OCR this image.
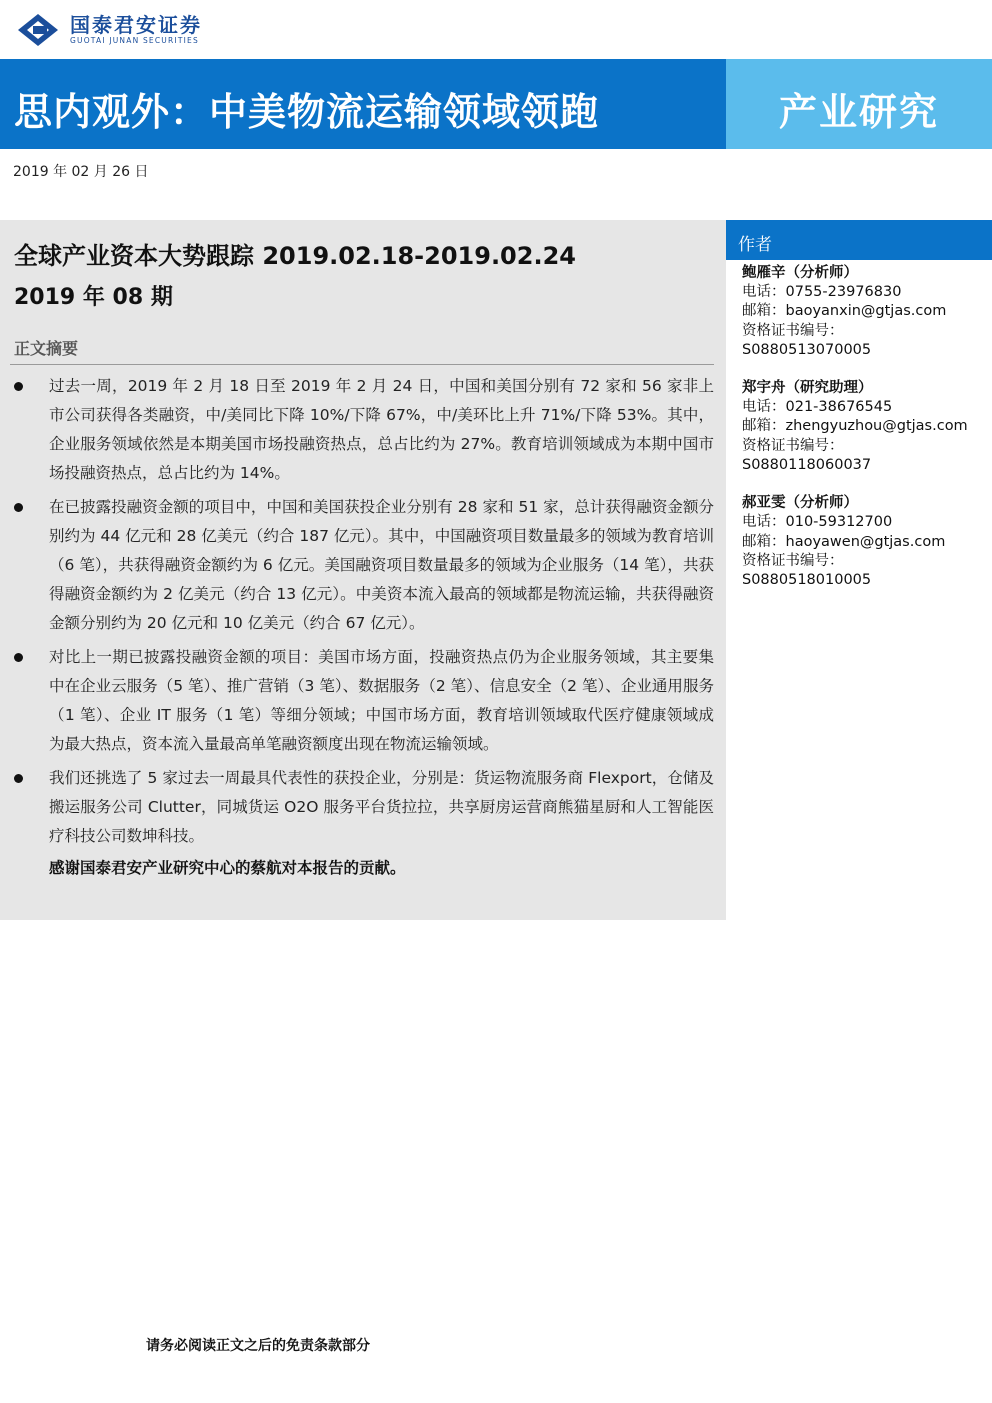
国泰君安证券
GUOTAI JUNAN SECURITIES
思内观外：中美物流运输领域领跑	产业研究
2019 年 02 月 26 日
全球产业资本大势跟踪 2019.02.18-2019.02.24
2019 年 08 期
正文摘要
过去一周，2019 年 2 月 18 日至 2019 年 2 月 24 日，中国和美国分别有 72 家和 56 家非上市公司获得各类融资，中/美同比下降 10%/下降 67%，中/美环比上升 71%/下降 53%。其中，企业服务领域依然是本期美国市场投融资热点，总占比约为 27%。教育培训领域成为本期中国市场投融资热点，总占比约为 14%。
在已披露投融资金额的项目中，中国和美国获投企业分别有 28 家和 51 家，总计获得融资金额分别约为 44 亿元和 28 亿美元（约合 187 亿元）。其中，中国融资项目数量最多的领域为教育培训（6 笔），共获得融资金额约为 6 亿元。美国融资项目数量最多的领域为企业服务（14 笔），共获得融资金额约为 2 亿美元（约合 13 亿元）。中美资本流入最高的领域都是物流运输，共获得融资金额分别约为 20 亿元和 10 亿美元（约合 67 亿元）。
对比上一期已披露投融资金额的项目：美国市场方面，投融资热点仍为企业服务领域，其主要集中在企业云服务（5 笔）、推广营销（3 笔）、数据服务（2 笔）、信息安全（2 笔）、企业通用服务（1 笔）、企业 IT 服务（1 笔）等细分领域；中国市场方面，教育培训领域取代医疗健康领域成为最大热点，资本流入量最高单笔融资额度出现在物流运输领域。
我们还挑选了 5 家过去一周最具代表性的获投企业，分别是：货运物流服务商 Flexport，仓储及搬运服务公司 Clutter，同城货运 O2O 服务平台货拉拉，共享厨房运营商熊猫星厨和人工智能医疗科技公司数坤科技。
感谢国泰君安产业研究中心的蔡航对本报告的贡献。
作者
鲍雁辛（分析师）
电话：0755-23976830
邮箱：baoyanxin@gtjas.com
资格证书编号：
S0880513070005
郑宇舟（研究助理）
电话：021-38676545
邮箱：zhengyuzhou@gtjas.com
资格证书编号：
S0880118060037
郝亚雯（分析师）
电话：010-59312700
邮箱：haoyawen@gtjas.com
资格证书编号：
S0880518010005
请务必阅读正文之后的免责条款部分
